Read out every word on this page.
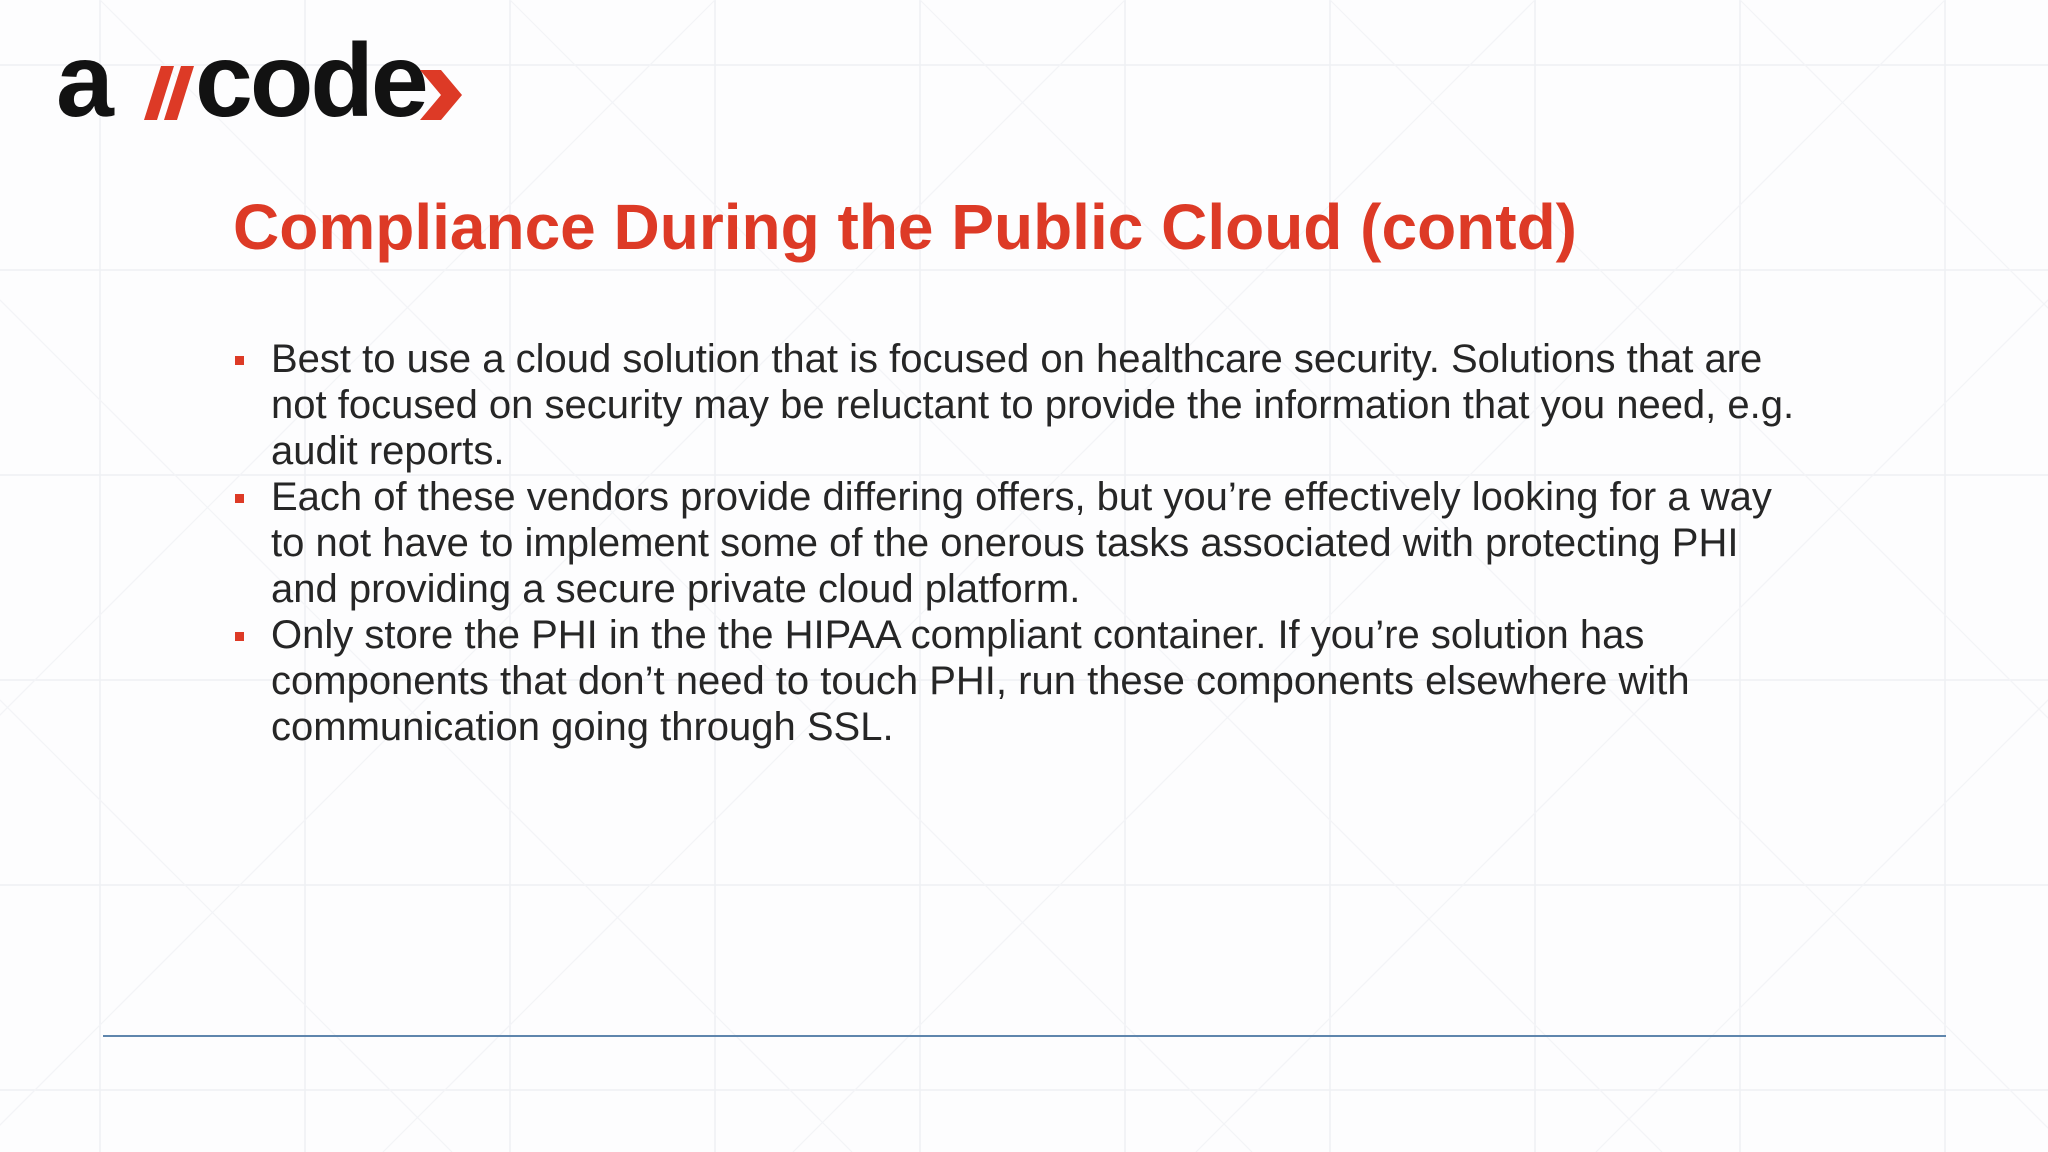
a code
Compliance During the Public Cloud (contd)
Best to use a cloud solution that is focused on healthcare security. Solutions that are not focused on security may be reluctant to provide the information that you need, e.g. audit reports.
Each of these vendors provide differing offers, but you’re effectively looking for a way to not have to implement some of the onerous tasks associated with protecting PHI and providing a secure private cloud platform.
Only store the PHI in the the HIPAA compliant container. If you’re solution has components that don’t need to touch PHI, run these components elsewhere with communication going through SSL.
